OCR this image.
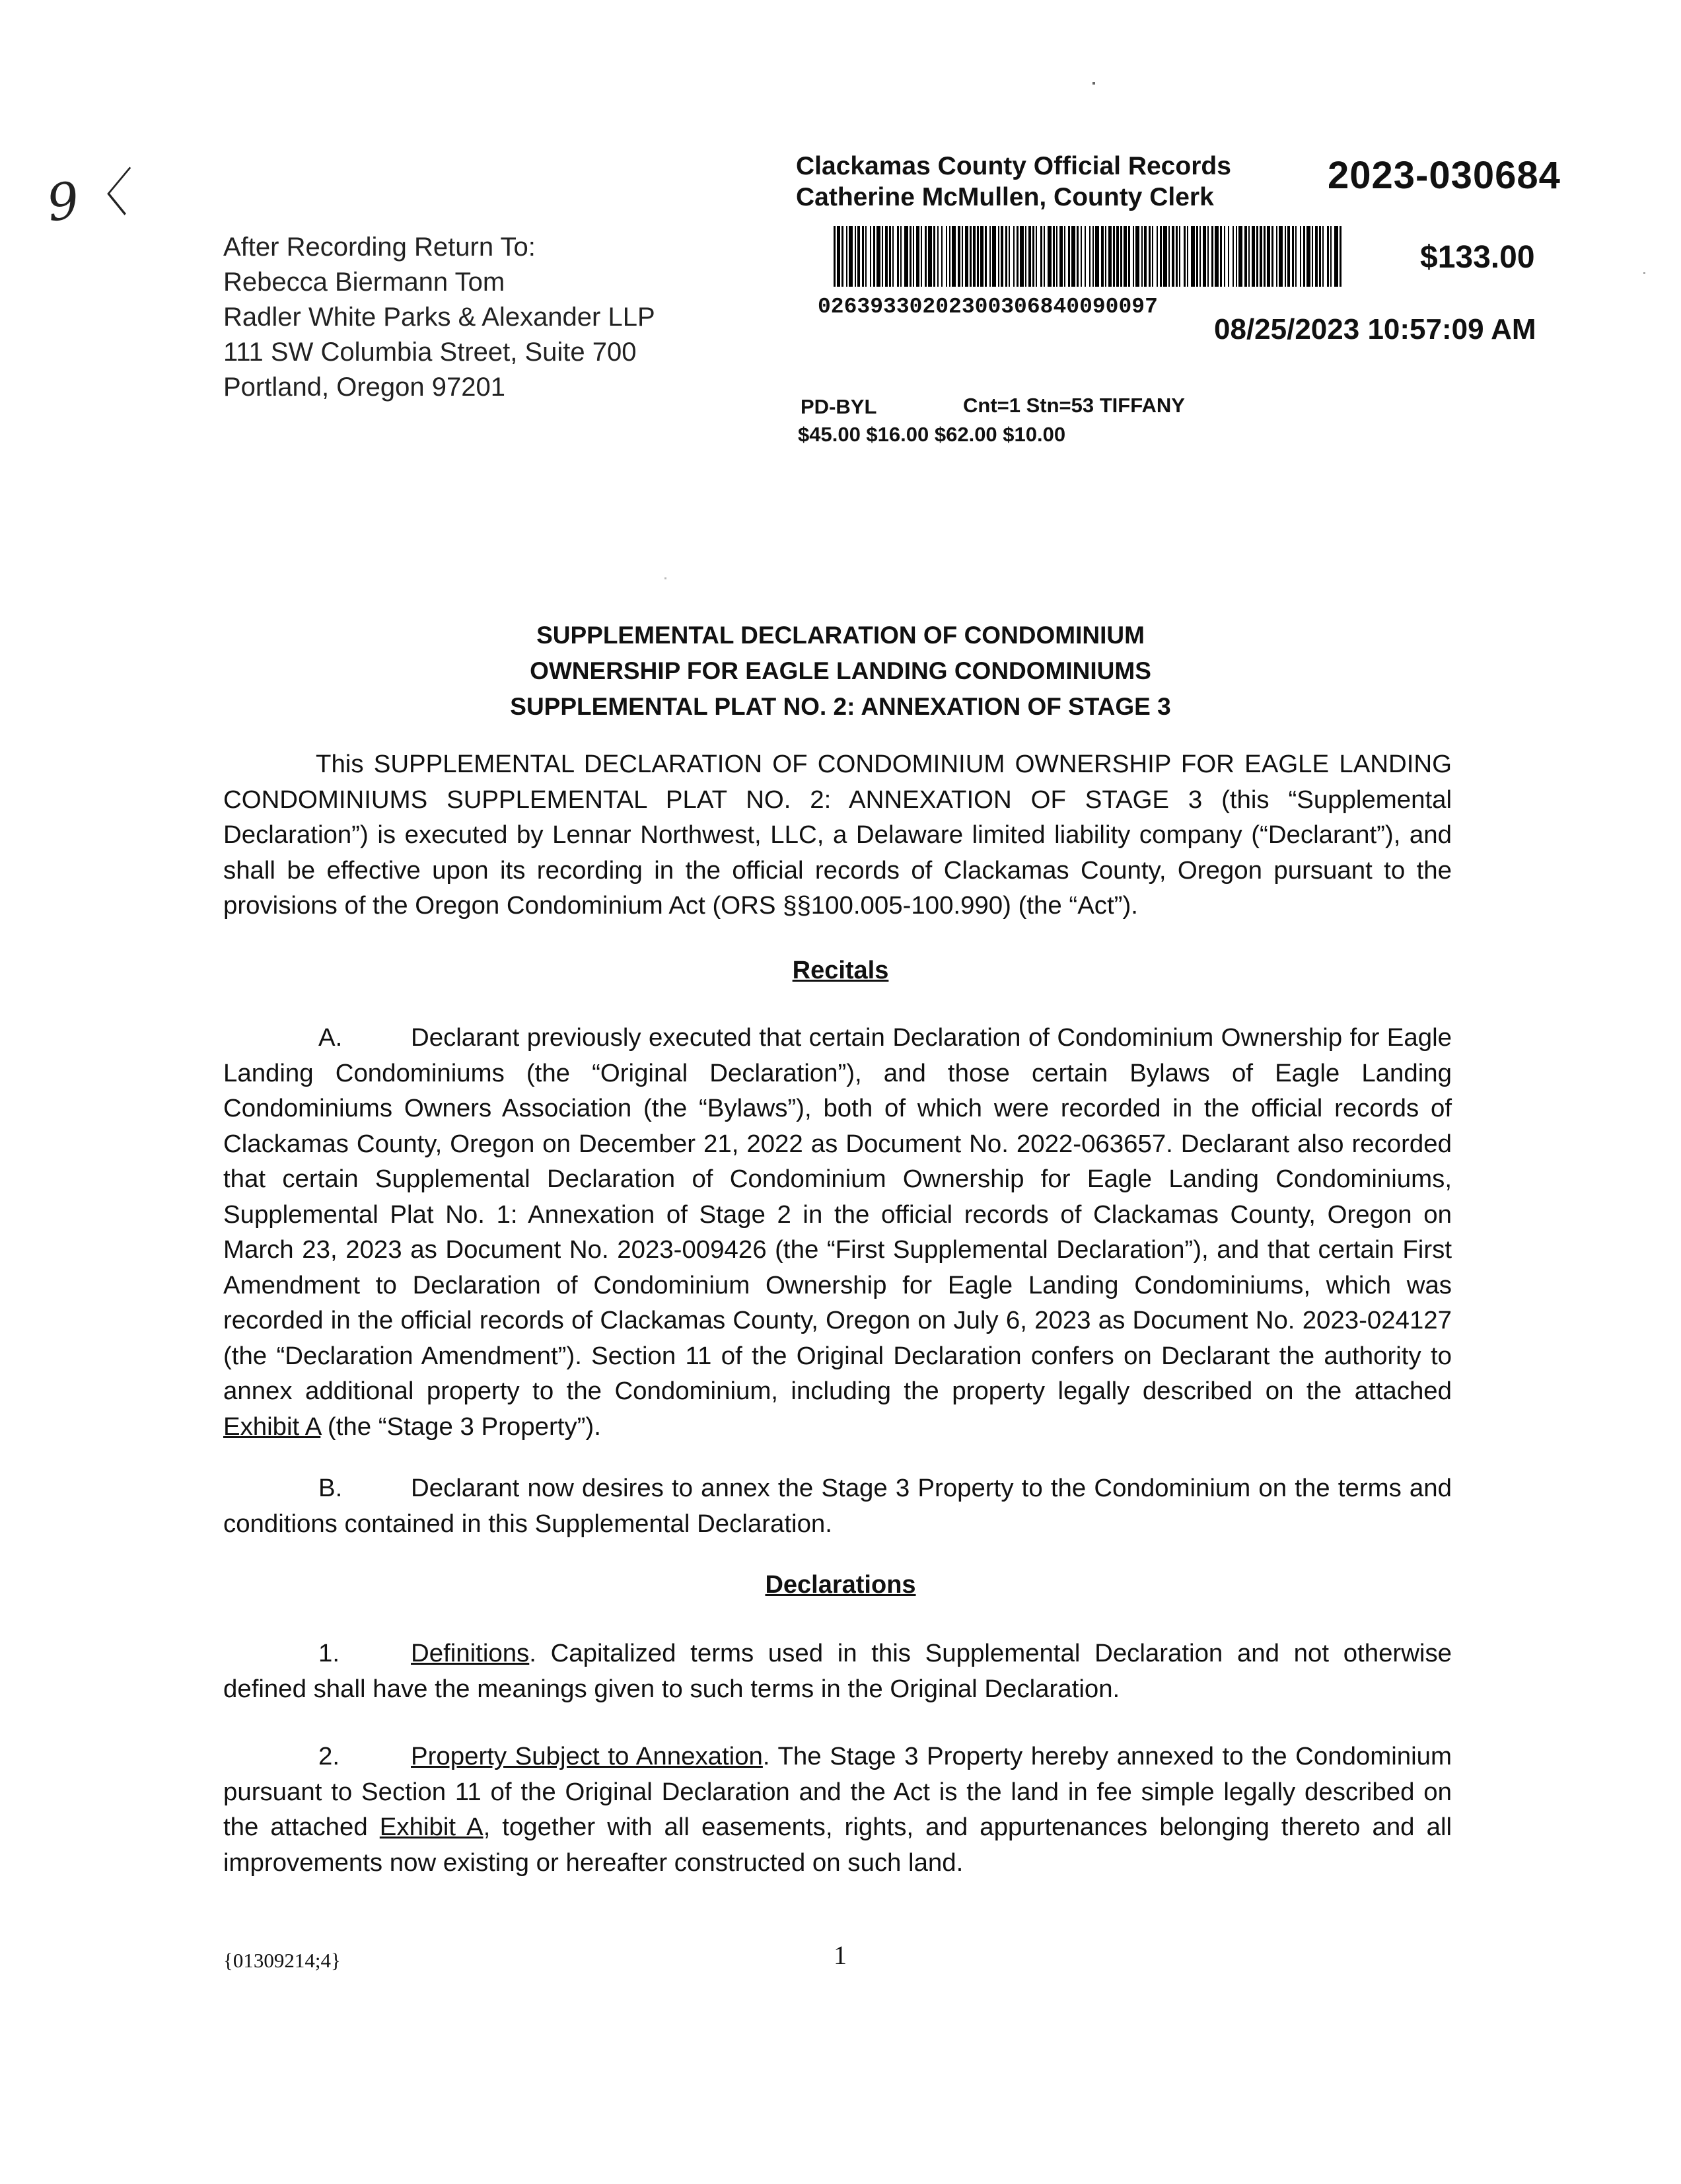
9〈
After Recording Return To:
Rebecca Biermann Tom
Radler White Parks & Alexander LLP
111 SW Columbia Street, Suite 700
Portland, Oregon 97201
Clackamas County Official Records
Catherine McMullen, County Clerk
2023-030684
$133.00
02639330202300306840090097
08/25/2023 10:57:09 AM
PD-BYL	Cnt=1 Stn=53 TIFFANY
$45.00 $16.00 $62.00 $10.00
SUPPLEMENTAL DECLARATION OF CONDOMINIUM
OWNERSHIP FOR EAGLE LANDING CONDOMINIUMS
SUPPLEMENTAL PLAT NO. 2: ANNEXATION OF STAGE 3

This SUPPLEMENTAL DECLARATION OF CONDOMINIUM OWNERSHIP FOR EAGLE LANDING CONDOMINIUMS SUPPLEMENTAL PLAT NO. 2: ANNEXATION OF STAGE 3 (this “Supplemental Declaration”) is executed by Lennar Northwest, LLC, a Delaware limited liability company (“Declarant”), and shall be effective upon its recording in the official records of Clackamas County, Oregon pursuant to the provisions of the Oregon Condominium Act (ORS §§100.005-100.990) (the “Act”).

Recitals

A.	Declarant previously executed that certain Declaration of Condominium Ownership for Eagle Landing Condominiums (the “Original Declaration”), and those certain Bylaws of Eagle Landing Condominiums Owners Association (the “Bylaws”), both of which were recorded in the official records of Clackamas County, Oregon on December 21, 2022 as Document No. 2022-063657. Declarant also recorded that certain Supplemental Declaration of Condominium Ownership for Eagle Landing Condominiums, Supplemental Plat No. 1: Annexation of Stage 2 in the official records of Clackamas County, Oregon on March 23, 2023 as Document No. 2023-009426 (the “First Supplemental Declaration”), and that certain First Amendment to Declaration of Condominium Ownership for Eagle Landing Condominiums, which was recorded in the official records of Clackamas County, Oregon on July 6, 2023 as Document No. 2023-024127 (the “Declaration Amendment”). Section 11 of the Original Declaration confers on Declarant the authority to annex additional property to the Condominium, including the property legally described on the attached Exhibit A (the “Stage 3 Property”).

B.	Declarant now desires to annex the Stage 3 Property to the Condominium on the terms and conditions contained in this Supplemental Declaration.

Declarations

1.	Definitions. Capitalized terms used in this Supplemental Declaration and not otherwise defined shall have the meanings given to such terms in the Original Declaration.

2.	Property Subject to Annexation. The Stage 3 Property hereby annexed to the Condominium pursuant to Section 11 of the Original Declaration and the Act is the land in fee simple legally described on the attached Exhibit A, together with all easements, rights, and appurtenances belonging thereto and all improvements now existing or hereafter constructed on such land.

{01309214;4}	1
